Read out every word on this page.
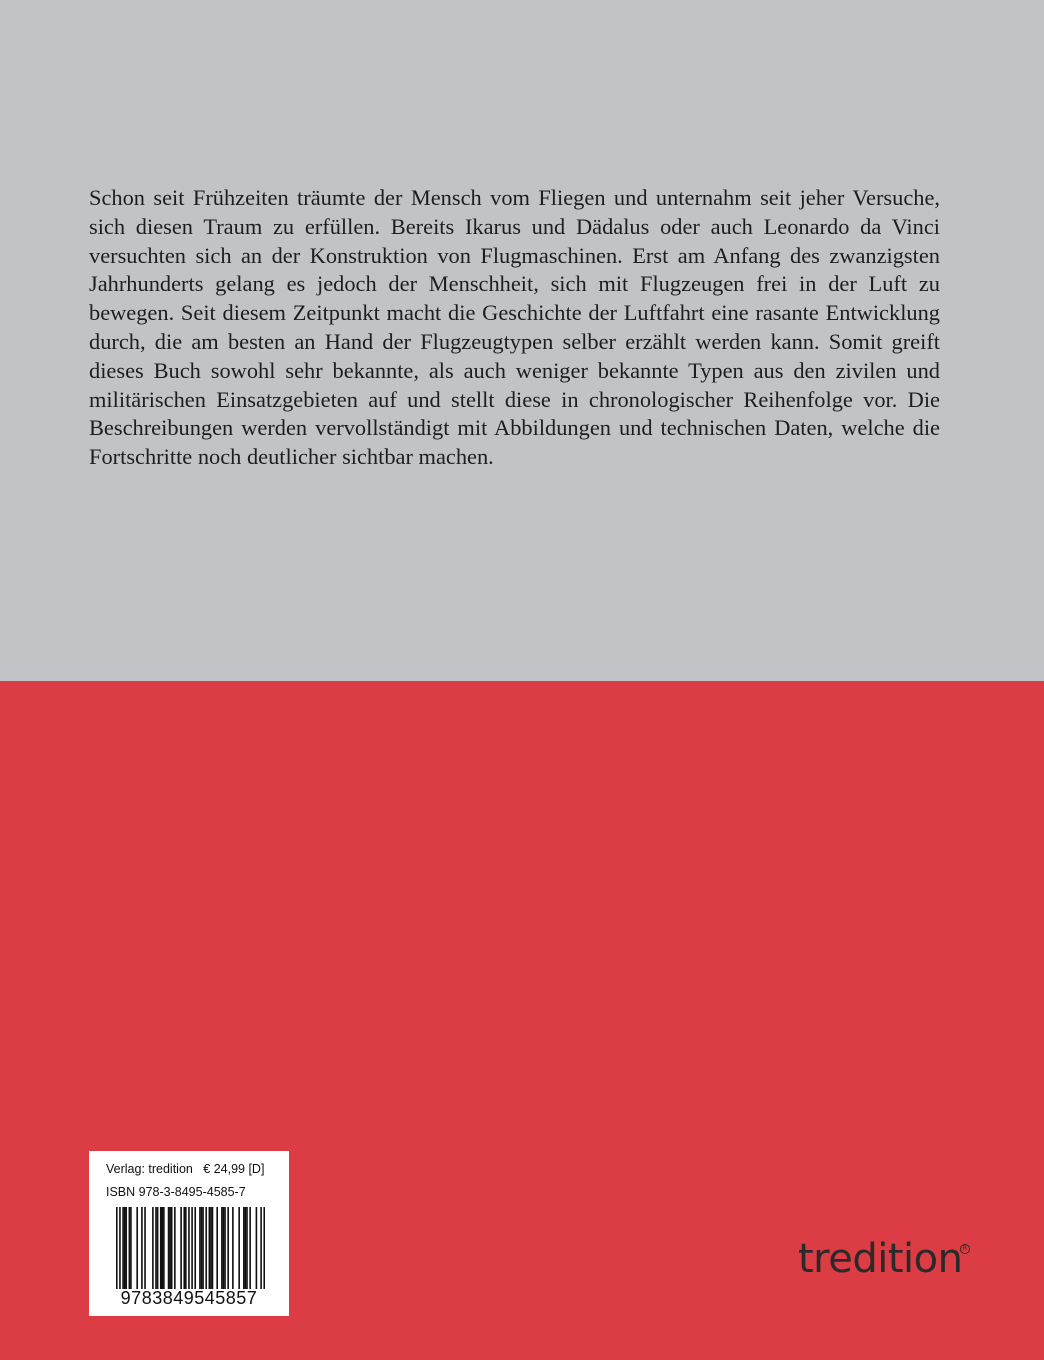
Schon seit Frühzeiten träumte der Mensch vom Fliegen und unternahm seit jeher Versuche, sich diesen Traum zu erfüllen. Bereits Ikarus und Dädalus oder auch Leonardo da Vinci versuchten sich an der Konstruktion von Flugmaschinen. Erst am Anfang des zwanzigsten Jahrhunderts gelang es jedoch der Menschheit, sich mit Flugzeugen frei in der Luft zu bewegen. Seit diesem Zeitpunkt macht die Geschichte der Luftfahrt eine rasante Entwicklung durch, die am besten an Hand der Flugzeugtypen selber erzählt werden kann. Somit greift dieses Buch sowohl sehr bekannte, als auch weniger bekannte Typen aus den zivilen und militärischen Einsatzgebieten auf und stellt diese in chronologischer Reihenfolge vor. Die Beschreibungen werden vervollständigt mit Abbildungen und technischen Daten, welche die Fortschritte noch deutlicher sichtbar machen.

Verlag: tredition   € 24,99 [D]
ISBN 978-3-8495-4585-7
9783849545857
tredition R
